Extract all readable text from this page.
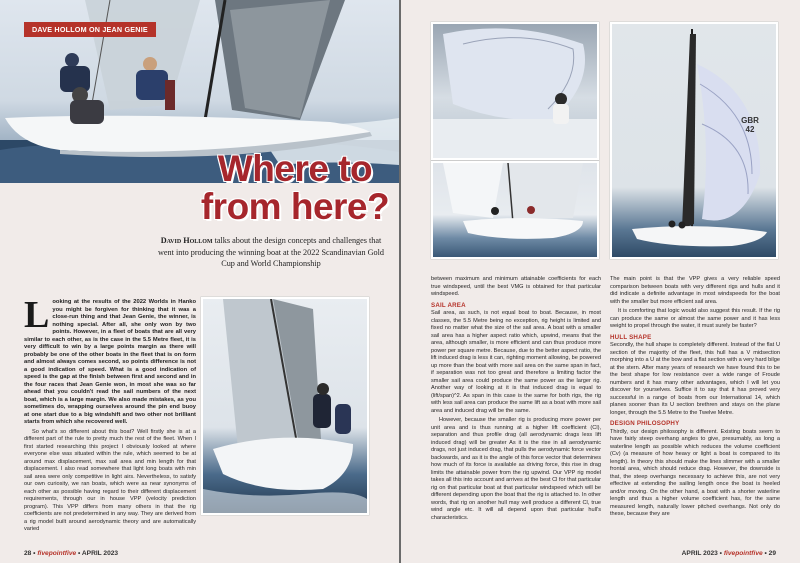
DAVE HOLLOM ON JEAN GENIE
Where to
from here?
David Hollom talks about the design concepts and challenges that went into producing the winning boat at the 2022 Scandinavian Gold Cup and World Championship

Looking at the results of the 2022 Worlds in Hanko you might be forgiven for thinking that it was a close-run thing and that Jean Genie, the winner, is nothing special. After all, she only won by two points. However, in a fleet of boats that are all very similar to each other, as is the case in the 5.5 Metre fleet, it is very difficult to win by a large points margin as there will probably be one of the other boats in the fleet that is on form and almost always comes second, so points difference is not a good indication of speed. What is a good indication of speed is the gap at the finish between first and second and in the four races that Jean Genie won, in most she was so far ahead that you couldn't read the sail numbers of the next boat, which is a large margin. We also made mistakes, as you sometimes do, wrapping ourselves around the pin end buoy at one start due to a big windshift and two other not brilliant starts from which she recovered well.

So what's so different about this boat? Well firstly she is at a different part of the rule to pretty much the rest of the fleet. When I first started researching this project I obviously looked at where everyone else was situated within the rule, which seemed to be at around max displacement, max sail area and min length for that displacement. I also read somewhere that light long boats with min sail area were only competitive in light airs. Nevertheless, to satisfy our own curiosity, we ran boats, which were as near synonyms of each other as possible having regard to their different displacement requirements, through our in house VPP (velocity prediction program). This VPP differs from many others in that the rig coefficients are not predetermined in any way. They are derived from a rig model built around aerodynamic theory and are automatically varied

28 • fivepointfive • APRIL 2023
GBR 42

between maximum and minimum attainable coefficients for each true windspeed, until the best VMG is obtained for that particular windspeed.

SAIL AREA

Sail area, as such, is not equal boat to boat. Because, in most classes, the 5.5 Metre being no exception, rig height is limited and fixed no matter what the size of the sail area. A boat with a smaller sail area has a higher aspect ratio which, upwind, means that the area, although smaller, is more efficient and can thus produce more power per square metre. Because, due to the better aspect ratio, the lift induced drag is less it can, righting moment allowing, be powered up more than the boat with more sail area on the same span in fact, if separation was not too great and therefore a limiting factor the smaller sail area could produce the same power as the larger rig. Another way of looking at it is that induced drag is equal to (lift/span)^2. As span in this case is the same for both rigs, the rig with less sail area can produce the same lift as a boat with more sail area and induced drag will be the same.

However, because the smaller rig is producing more power per unit area and is thus running at a higher lift coefficient (Cl), separation and thus profile drag (all aerodynamic drags less lift induced drag) will be greater As it is the rise in all aerodynamic drags, not just induced drag, that pulls the aerodynamic force vector backwards, and as it is the angle of this force vector that determines how much of its force is available as driving force, this rise in drag limits the attainable power from the rig upwind. Our VPP rig model takes all this into account and arrives at the best Cl for that particular rig on that particular boat at that particular windspeed which will be different depending upon the boat that the rig is attached to. In other words, that rig on another hull may well produce a different Cl, true wind angle etc. It will all depend upon that particular hull's characteristics.

The main point is that the VPP gives a very reliable speed comparison between boats with very different rigs and hulls and it did indicate a definite advantage in most windspeeds for the boat with the smaller but more efficient sail area.

It is comforting that logic would also suggest this result. If the rig can produce the same or almost the same power and it has less weight to propel through the water, it must surely be faster?

HULL SHAPE

Secondly, the hull shape is completely different. Instead of the flat U section of the majority of the fleet, this hull has a V midsection morphing into a U at the bow and a flat section with a very hard bilge at the stern. After many years of research we have found this to be the best shape for low resistance over a wide range of Froude numbers and it has many other advantages, which I will let you discover for yourselves. Suffice it to say that it has proved very successful in a range of boats from our International 14, which planes sooner than its U section brethren and stays on the plane longer, through the 5.5 Metre to the Twelve Metre.

DESIGN PHILOSOPHY

Thirdly, our design philosophy is different. Existing boats seem to have fairly steep overhang angles to give, presumably, as long a waterline length as possible which reduces the volume coefficient (Cv) (a measure of how heavy or light a boat is compared to its length). In theory this should make the lines slimmer with a smaller frontal area, which should reduce drag. However, the downside is that, the steep overhangs necessary to achieve this, are not very effective at extending the sailing length once the boat is heeled and/or moving. On the other hand, a boat with a shorter waterline length and thus a higher volume coefficient has, for the same measured length, naturally lower pitched overhangs. Not only do these, because they are

APRIL 2023 • fivepointfive • 29
